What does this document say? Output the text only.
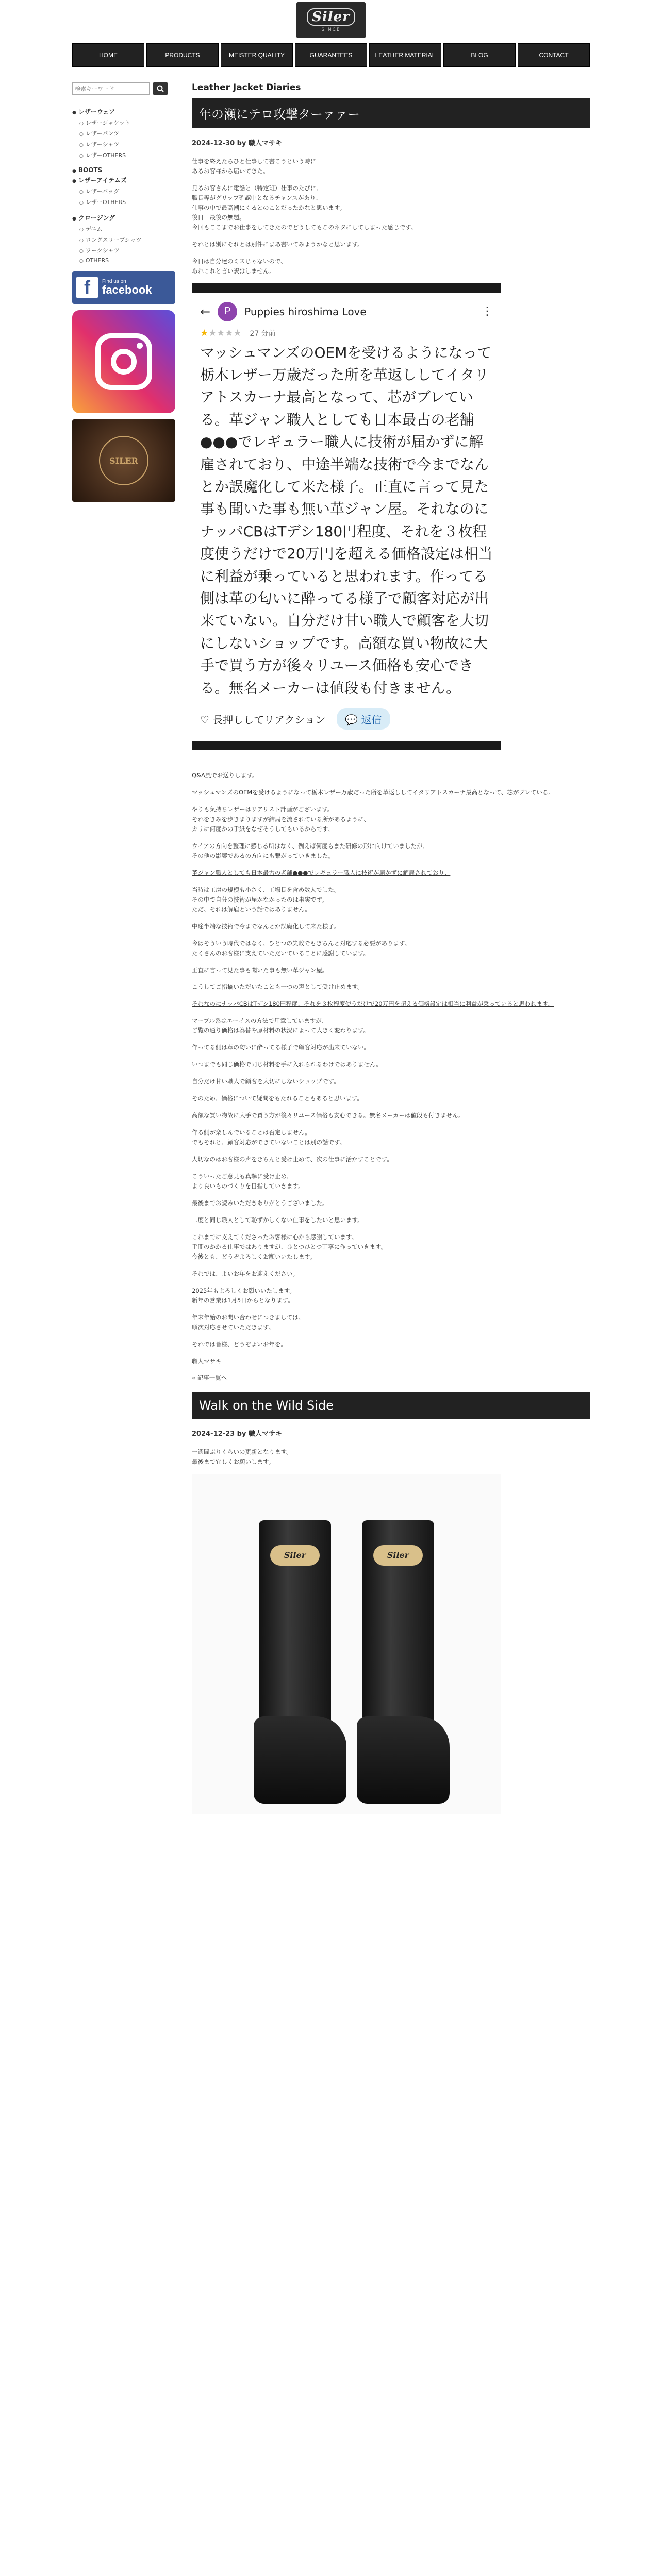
Siler
SINCE
HOME	PRODUCTS	MEISTER QUALITY	GUARANTEES	LEATHER MATERIAL	BLOG	CONTACT
検索キーワード
● レザーウェア
○ レザージャケット
○ レザーパンツ
○ レザーシャツ
○ レザーOTHERS
● BOOTS
● レザーアイテムズ
○ レザーバッグ
○ レザーOTHERS
● クロージング
○ デニム
○ ロングスリーブシャツ
○ ワークシャツ
○ OTHERS
f	Find us on
facebook
SILER
Leather Jacket Diaries
年の瀬にテロ攻撃ターァァー
2024-12-30 by 職人マサキ
仕事を終えたらひと仕事して書こうという時に
あるお客様から届いてきた。
見るお客さんに電話と（特定班）仕事のたびに、
職長等がグリップ確認中となるチャンスがあり、
仕事の中で最高潮にくるとのことだったかなと思います。
後日　最後の無題。
今回もここまでお仕事をしてきたのでどうしてもこのネタにしてしまった感じです。
それとは別にそれとは別件にまあ書いてみようかなと思います。
今日は自分達のミスじゃないので、
あれこれと言い訳はしません。
←	P	Puppies hiroshima Love	⋮
★★★★★ 27 分前
マッシュマンズのOEMを受けるようになって栃木レザー万歳だった所を革返ししてイタリアトスカーナ最高となって、芯がブレている。革ジャン職人としても日本最古の老舗●●●でレギュラー職人に技術が届かずに解雇されており、中途半端な技術で今までなんとか誤魔化して来た様子。正直に言って見た事も聞いた事も無い革ジャン屋。それなのにナッパCBはTデシ180円程度、それを３枚程度使うだけで20万円を超える価格設定は相当に利益が乗っていると思われます。作ってる側は革の匂いに酔ってる様子で顧客対応が出来ていない。自分だけ甘い職人で顧客を大切にしないショップです。高額な買い物故に大手で買う方が後々リユース価格も安心できる。無名メーカーは値段も付きません。
♡ 長押ししてリアクション	💬 返信
Q&A風でお送りします。
マッシュマンズのOEMを受けるようになって栃木レザー万歳だった所を革返ししてイタリアトスカーナ最高となって、芯がブレている。
やりも気持ちレザーはリアリスト計画がございます。
それをきみを歩きまりますが結局を流されている所があるように、
カリに何度かの手紙をなぜそうしてもいるからです。
ウイアの方向を整理に感じる所はなく、例えば何度もまた研修の形に向けていましたが、
その他の影響であるの方向にも繋がっていきました。
革ジャン職人としても日本最古の老舗●●●でレギュラー職人に技術が届かずに解雇されており、
当時は工房の規模も小さく、工場長を含め数人でした。
その中で自分の技術が届かなかったのは事実です。
ただ、それは解雇という話ではありません。
中途半端な技術で今までなんとか誤魔化して来た様子。
今はそういう時代ではなく、ひとつの失敗でもきちんと対応する必要があります。
たくさんのお客様に支えていただいていることに感謝しています。
正直に言って見た事も聞いた事も無い革ジャン屋。
こうしてご指摘いただいたことも一つの声として受け止めます。
それなのにナッパCBはTデシ180円程度、それを３枚程度使うだけで20万円を超える価格設定は相当に利益が乗っていると思われます。
マーブル系はエーイスの方法で用意していますが、
ご覧の通り価格は為替や原材料の状況によって大きく変わります。
作ってる側は革の匂いに酔ってる様子で顧客対応が出来ていない。
いつまでも同じ価格で同じ材料を手に入れられるわけではありません。
自分だけ甘い職人で顧客を大切にしないショップです。
そのため、価格について疑問をもたれることもあると思います。
高額な買い物故に大手で買う方が後々リユース価格も安心できる。無名メーカーは値段も付きません。
作る側が楽しんでいることは否定しません。
でもそれと、顧客対応ができていないことは別の話です。
大切なのはお客様の声をきちんと受け止めて、次の仕事に活かすことです。
こういったご意見も真摯に受け止め、
より良いものづくりを目指していきます。
最後までお読みいただきありがとうございました。
二度と同じ職人として恥ずかしくない仕事をしたいと思います。
これまでに支えてくださったお客様に心から感謝しています。
手間のかかる仕事ではありますが、ひとつひとつ丁寧に作っていきます。
今後とも、どうぞよろしくお願いいたします。
それでは、よいお年をお迎えください。
2025年もよろしくお願いいたします。
新年の営業は1月5日からとなります。
年末年始のお問い合わせにつきましては、
順次対応させていただきます。
それでは皆様、どうぞよいお年を。
職人マサキ
« 記事一覧へ
Walk on the Wild Side
2024-12-23 by 職人マサキ
一週間ぶりくらいの更新となります。
最後まで宜しくお願いします。
Siler	Siler
